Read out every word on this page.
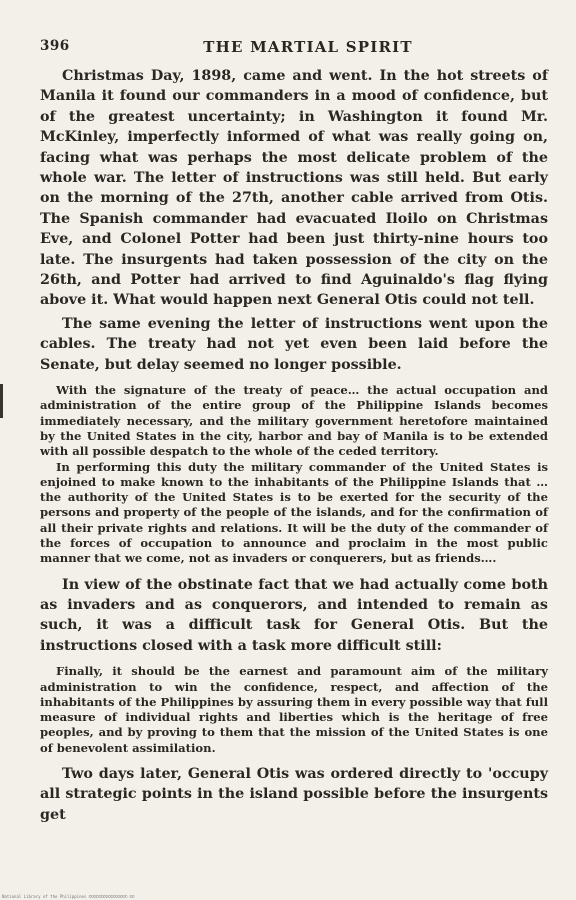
396	THE MARTIAL SPIRIT

Christmas Day, 1898, came and went. In the hot streets of Manila it found our commanders in a mood of confidence, but of the greatest uncertainty; in Washington it found Mr. McKinley, imperfectly informed of what was really going on, facing what was perhaps the most delicate problem of the whole war. The letter of instructions was still held. But early on the morning of the 27th, another cable arrived from Otis. The Spanish commander had evacuated Iloilo on Christmas Eve, and Colonel Potter had been just thirty-nine hours too late. The insurgents had taken possession of the city on the 26th, and Potter had arrived to find Aguinaldo's flag flying above it. What would happen next General Otis could not tell.

The same evening the letter of instructions went upon the cables. The treaty had not yet even been laid before the Senate, but delay seemed no longer possible.

With the signature of the treaty of peace… the actual occupation and administration of the entire group of the Philippine Islands becomes immediately necessary, and the military government heretofore maintained by the United States in the city, harbor and bay of Manila is to be extended with all possible despatch to the whole of the ceded territory.

In performing this duty the military commander of the United States is enjoined to make known to the inhabitants of the Philippine Islands that … the authority of the United States is to be exerted for the security of the persons and property of the people of the islands, and for the confirmation of all their private rights and relations. It will be the duty of the commander of the forces of occupation to announce and proclaim in the most public manner that we come, not as invaders or conquerers, but as friends….

In view of the obstinate fact that we had actually come both as invaders and as conquerors, and intended to remain as such, it was a difficult task for General Otis. But the instructions closed with a task more difficult still:

Finally, it should be the earnest and paramount aim of the military administration to win the confidence, respect, and affection of the inhabitants of the Philippines by assuring them in every possible way that full measure of individual rights and liberties which is the heritage of free peoples, and by proving to them that the mission of the United States is one of benevolent assimilation.

Two days later, General Otis was ordered directly to 'occupy all strategic points in the island possible before the insurgents get

National Library of the Philippines ©©©©©©©©©©©©©©©© ©©
